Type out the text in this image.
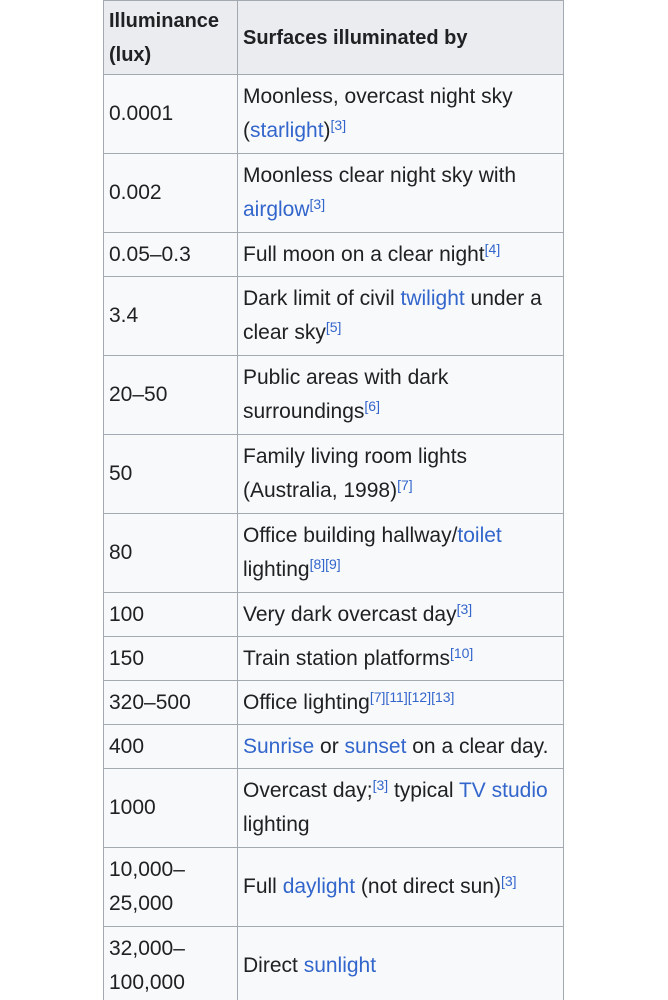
Illuminance (lux)	Surfaces illuminated by
0.0001	Moonless, overcast night sky (starlight)[3]
0.002	Moonless clear night sky with airglow[3]
0.05–0.3	Full moon on a clear night[4]
3.4	Dark limit of civil twilight under a clear sky[5]
20–50	Public areas with dark surroundings[6]
50	Family living room lights (Australia, 1998)[7]
80	Office building hallway/toilet lighting[8][9]
100	Very dark overcast day[3]
150	Train station platforms[10]
320–500	Office lighting[7][11][12][13]
400	Sunrise or sunset on a clear day.
1000	Overcast day;[3] typical TV studio lighting
10,000–25,000	Full daylight (not direct sun)[3]
32,000–100,000	Direct sunlight
